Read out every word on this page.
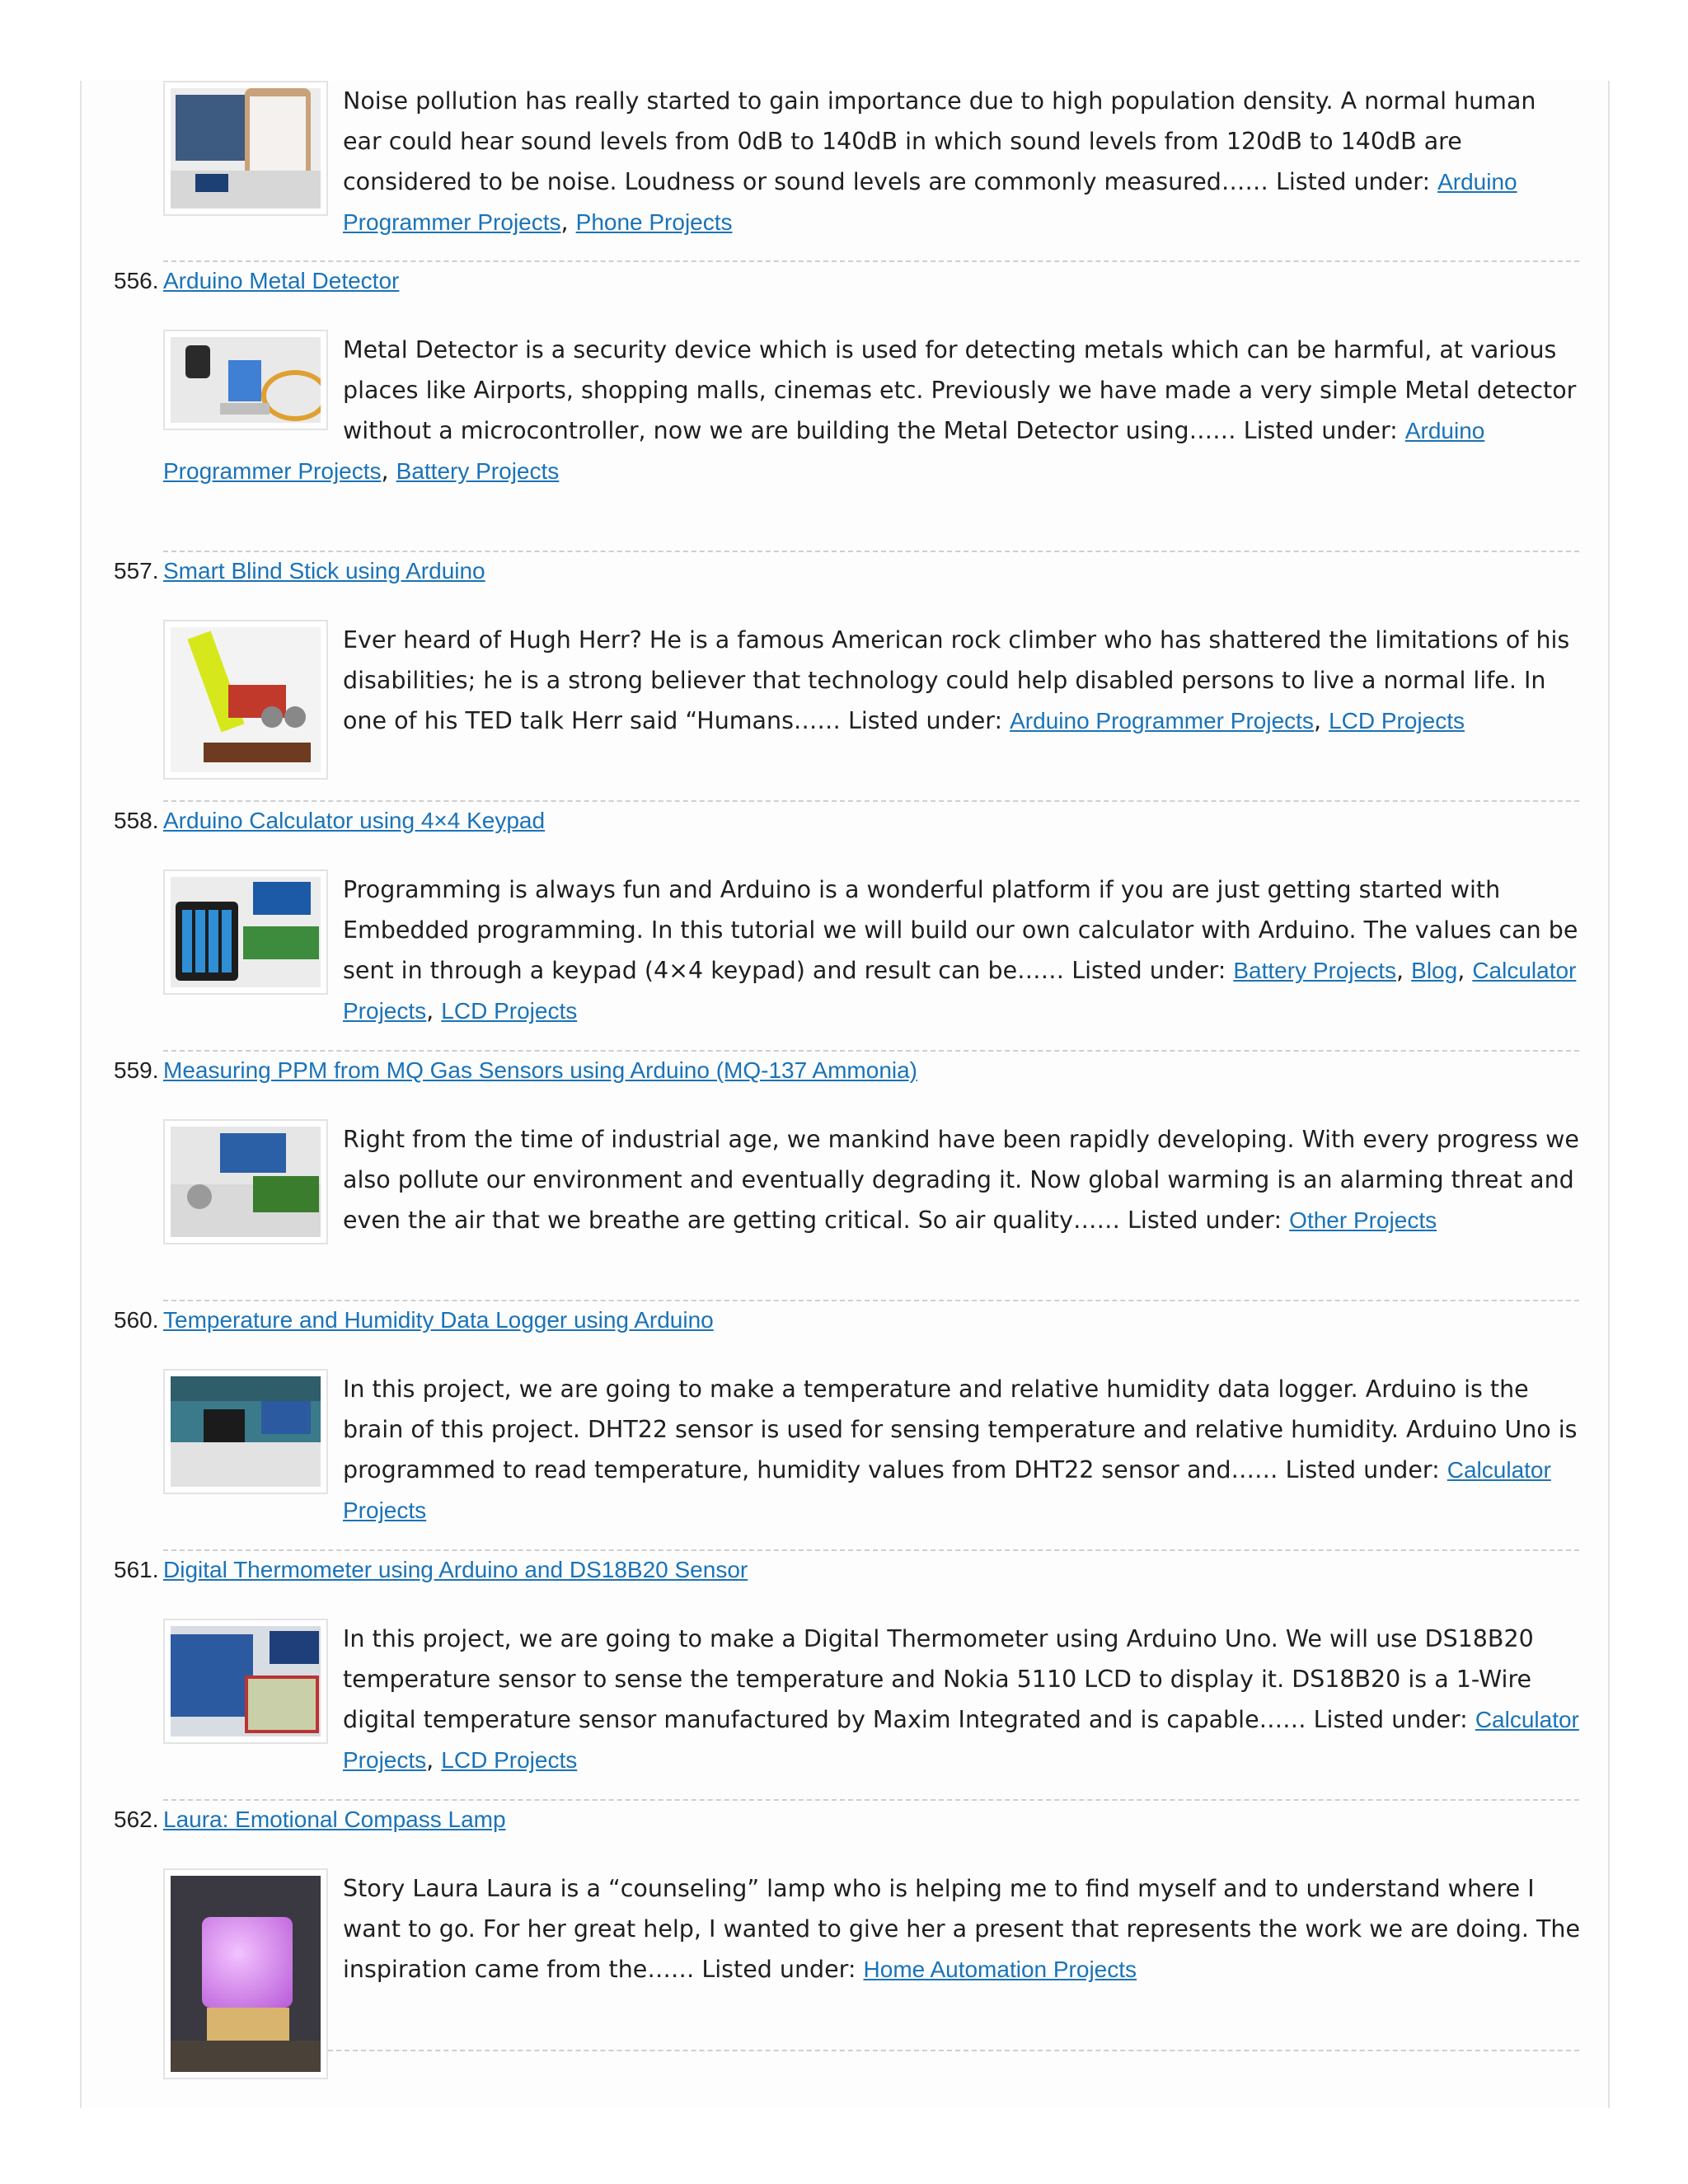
Noise pollution has really started to gain importance due to high population density. A normal human ear could hear sound levels from 0dB to 140dB in which sound levels from 120dB to 140dB are considered to be noise. Loudness or sound levels are commonly measured…… Listed under: Arduino Programmer Projects, Phone Projects
556. Arduino Metal Detector
Metal Detector is a security device which is used for detecting metals which can be harmful, at various places like Airports, shopping malls, cinemas etc. Previously we have made a very simple Metal detector without a microcontroller, now we are building the Metal Detector using…… Listed under: Arduino Programmer Projects, Battery Projects
557. Smart Blind Stick using Arduino
Ever heard of Hugh Herr? He is a famous American rock climber who has shattered the limitations of his disabilities; he is a strong believer that technology could help disabled persons to live a normal life. In one of his TED talk Herr said “Humans…… Listed under: Arduino Programmer Projects, LCD Projects
558. Arduino Calculator using 4×4 Keypad
Programming is always fun and Arduino is a wonderful platform if you are just getting started with Embedded programming. In this tutorial we will build our own calculator with Arduino. The values can be sent in through a keypad (4×4 keypad) and result can be…… Listed under: Battery Projects, Blog, Calculator Projects, LCD Projects
559. Measuring PPM from MQ Gas Sensors using Arduino (MQ-137 Ammonia)
Right from the time of industrial age, we mankind have been rapidly developing. With every progress we also pollute our environment and eventually degrading it. Now global warming is an alarming threat and even the air that we breathe are getting critical. So air quality…… Listed under: Other Projects
560. Temperature and Humidity Data Logger using Arduino
In this project, we are going to make a temperature and relative humidity data logger. Arduino is the brain of this project. DHT22 sensor is used for sensing temperature and relative humidity. Arduino Uno is programmed to read temperature, humidity values from DHT22 sensor and…… Listed under: Calculator Projects
561. Digital Thermometer using Arduino and DS18B20 Sensor
In this project, we are going to make a Digital Thermometer using Arduino Uno. We will use DS18B20 temperature sensor to sense the temperature and Nokia 5110 LCD to display it. DS18B20 is a 1-Wire digital temperature sensor manufactured by Maxim Integrated and is capable…… Listed under: Calculator Projects, LCD Projects
562. Laura: Emotional Compass Lamp
Story Laura Laura is a “counseling” lamp who is helping me to find myself and to understand where I want to go. For her great help, I wanted to give her a present that represents the work we are doing. The inspiration came from the…… Listed under: Home Automation Projects
